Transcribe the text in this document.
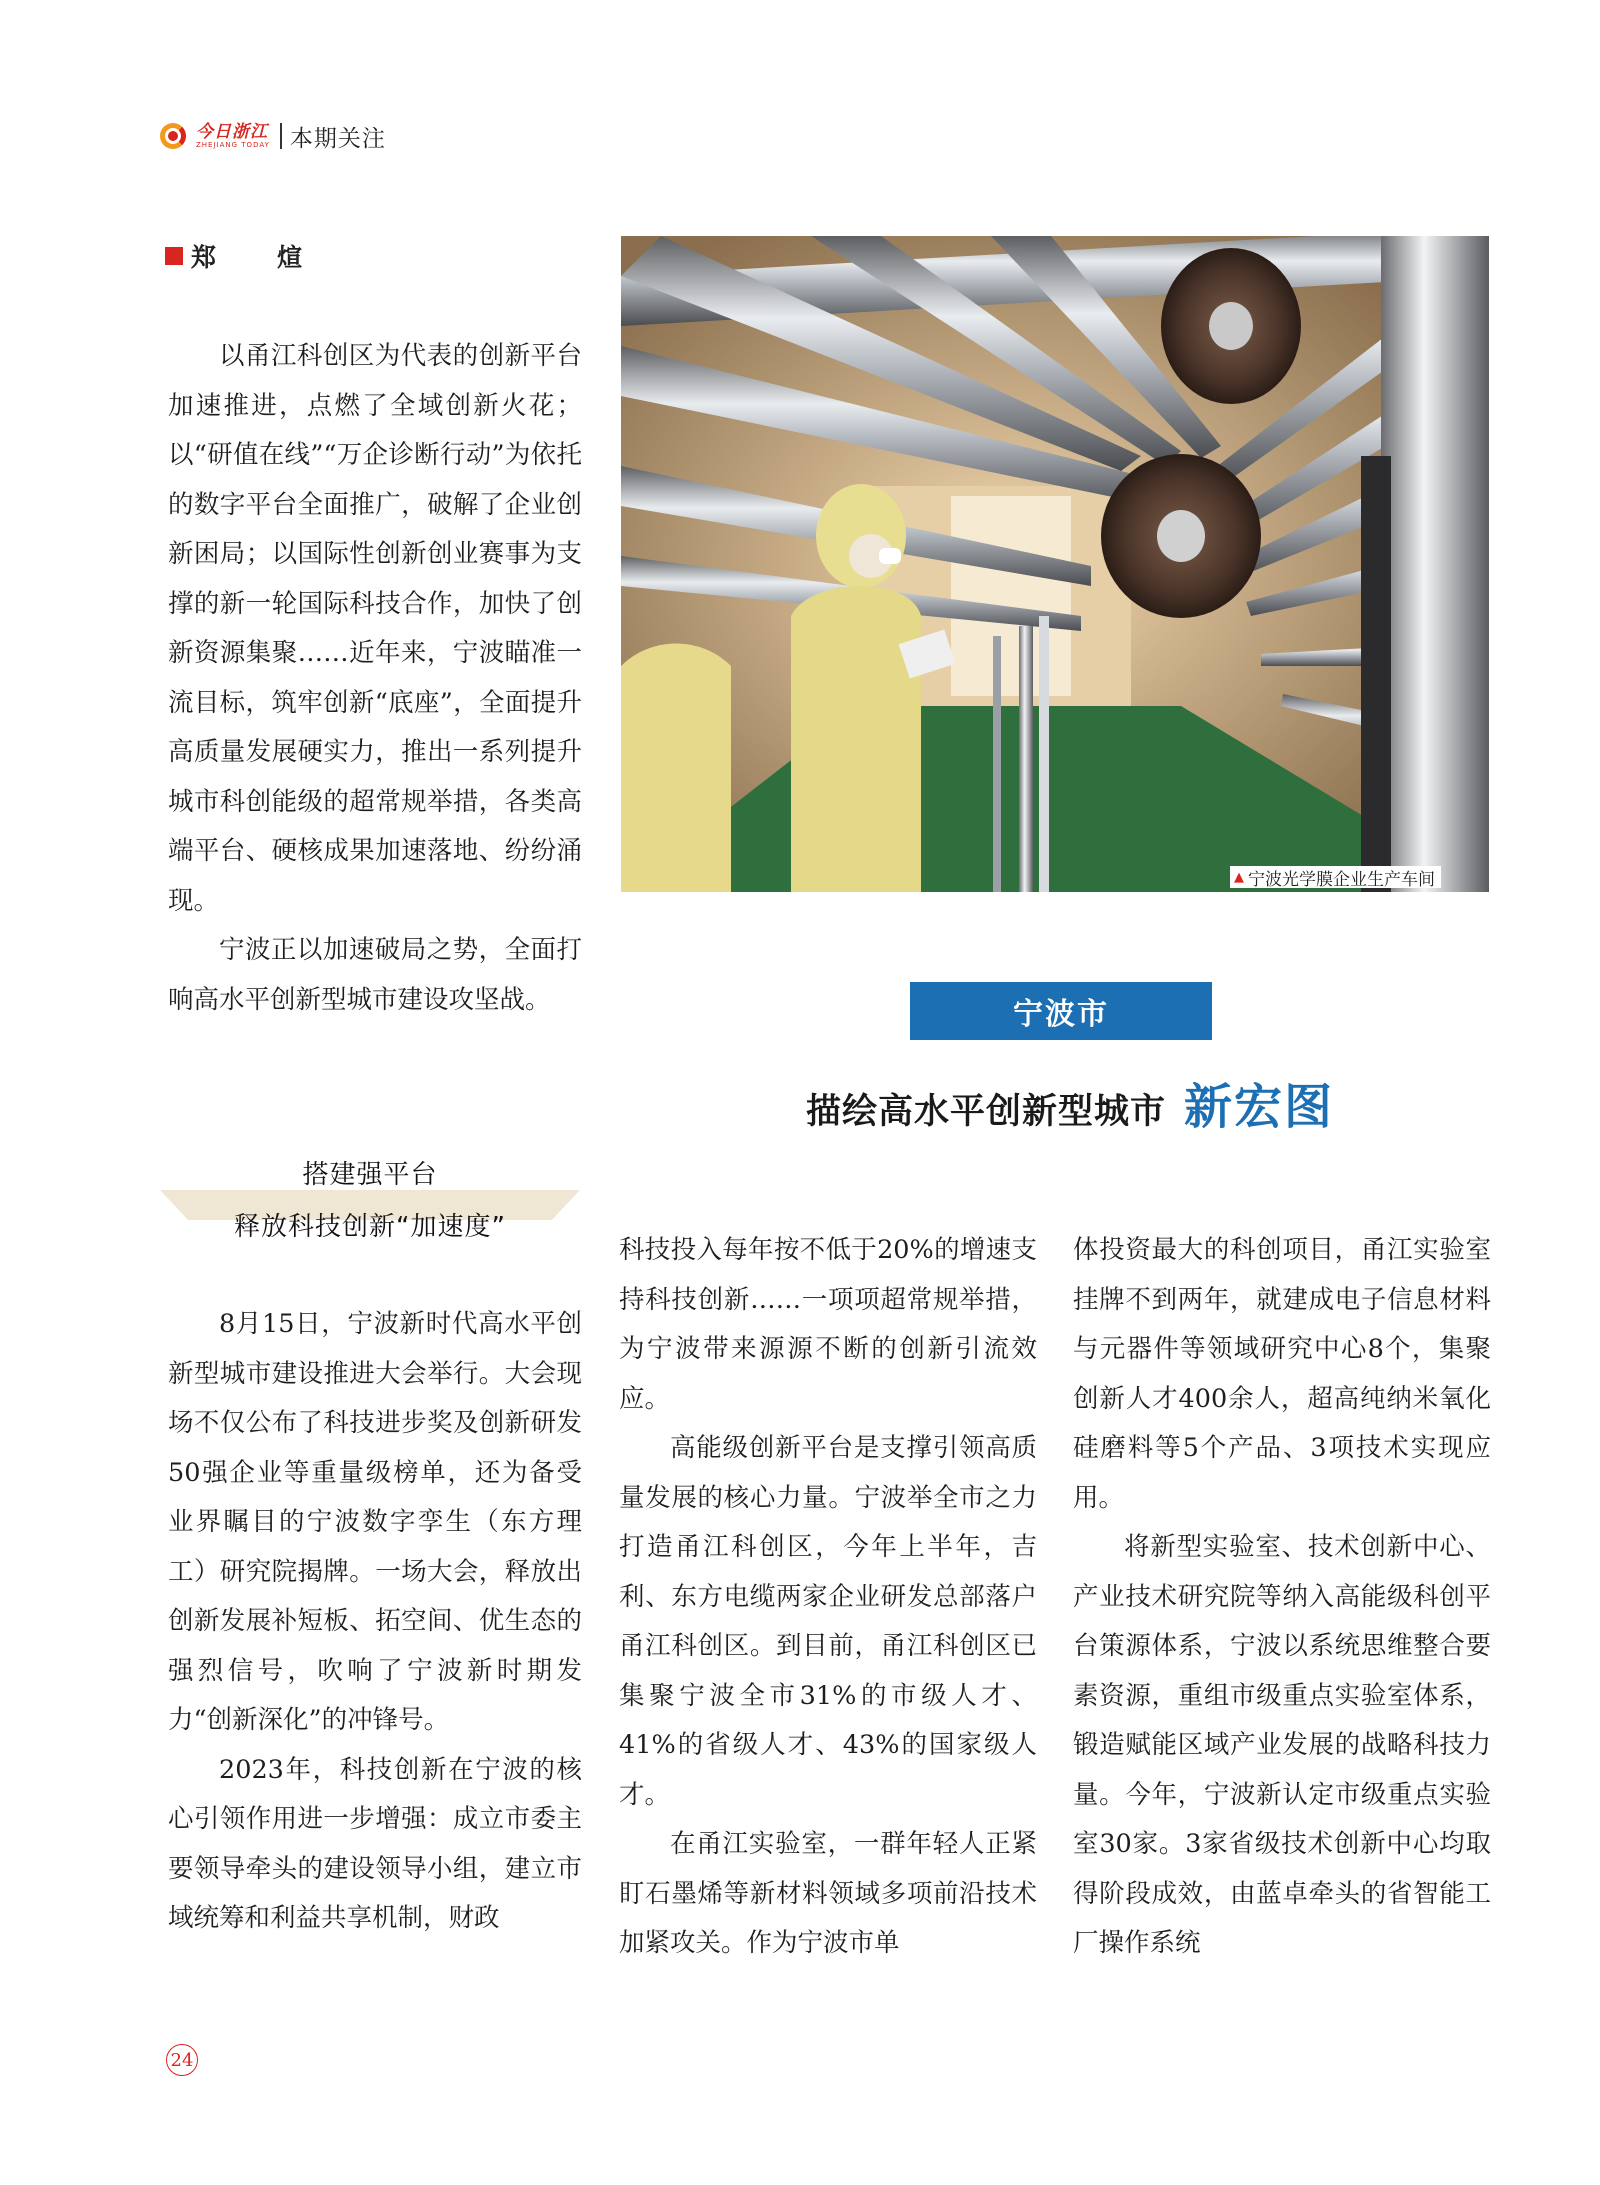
今日浙江
ZHEJIANG TODAY 本期关注
郑　煊

以甬江科创区为代表的创新平台加速推进，点燃了全域创新火花；以“研值在线”“万企诊断行动”为依托的数字平台全面推广，破解了企业创新困局；以国际性创新创业赛事为支撑的新一轮国际科技合作，加快了创新资源集聚……近年来，宁波瞄准一流目标，筑牢创新“底座”，全面提升高质量发展硬实力，推出一系列提升城市科创能级的超常规举措，各类高端平台、硬核成果加速落地、纷纷涌现。

宁波正以加速破局之势，全面打响高水平创新型城市建设攻坚战。

▲ 宁波光学膜企业生产车间
宁波市
描绘高水平创新型城市 新宏图
搭建强平台
释放科技创新“加速度”

8月15日，宁波新时代高水平创新型城市建设推进大会举行。大会现场不仅公布了科技进步奖及创新研发50强企业等重量级榜单，还为备受业界瞩目的宁波数字孪生（东方理工）研究院揭牌。一场大会，释放出创新发展补短板、拓空间、优生态的强烈信号，吹响了宁波新时期发力“创新深化”的冲锋号。

2023年，科技创新在宁波的核心引领作用进一步增强：成立市委主要领导牵头的建设领导小组，建立市域统筹和利益共享机制，财政

科技投入每年按不低于20%的增速支持科技创新……一项项超常规举措，为宁波带来源源不断的创新引流效应。

高能级创新平台是支撑引领高质量发展的核心力量。宁波举全市之力打造甬江科创区，今年上半年，吉利、东方电缆两家企业研发总部落户甬江科创区。到目前，甬江科创区已集聚宁波全市31%的市级人才、41%的省级人才、43%的国家级人才。

在甬江实验室，一群年轻人正紧盯石墨烯等新材料领域多项前沿技术加紧攻关。作为宁波市单

体投资最大的科创项目，甬江实验室挂牌不到两年，就建成电子信息材料与元器件等领域研究中心8个，集聚创新人才400余人，超高纯纳米氧化硅磨料等5个产品、3项技术实现应用。

将新型实验室、技术创新中心、产业技术研究院等纳入高能级科创平台策源体系，宁波以系统思维整合要素资源，重组市级重点实验室体系，锻造赋能区域产业发展的战略科技力量。今年，宁波新认定市级重点实验室30家。3家省级技术创新中心均取得阶段成效，由蓝卓牵头的省智能工厂操作系统

24
